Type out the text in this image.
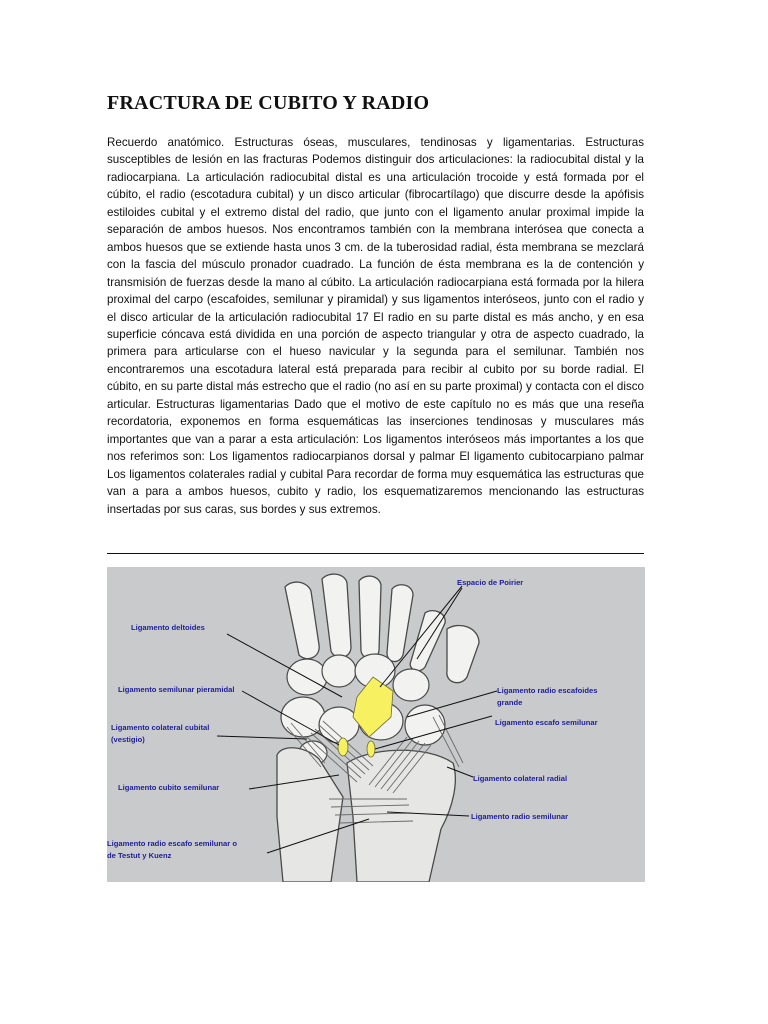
FRACTURA DE CUBITO Y RADIO

Recuerdo anatómico. Estructuras óseas, musculares, tendinosas y ligamentarias. Estructuras susceptibles de lesión en las fracturas Podemos distinguir dos articulaciones: la radiocubital distal y la radiocarpiana. La articulación radiocubital distal es una articulación trocoide y está formada por el cúbito, el radio (escotadura cubital) y un disco articular (fibrocartílago) que discurre desde la apófisis estiloides cubital y el extremo distal del radio, que junto con el ligamento anular proximal impide la separación de ambos huesos. Nos encontramos también con la membrana interósea que conecta a ambos huesos que se extiende hasta unos 3 cm. de la tuberosidad radial, ésta membrana se mezclará con la fascia del músculo pronador cuadrado. La función de ésta membrana es la de contención y transmisión de fuerzas desde la mano al cúbito. La articulación radiocarpiana está formada por la hilera proximal del carpo (escafoides, semilunar y piramidal) y sus ligamentos interóseos, junto con el radio y el disco articular de la articulación radiocubital 17 El radio en su parte distal es más ancho, y en esa superficie cóncava está dividida en una porción de aspecto triangular y otra de aspecto cuadrado, la primera para articularse con el hueso navicular y la segunda para el semilunar. También nos encontraremos una escotadura lateral está preparada para recibir al cubito por su borde radial. El cúbito, en su parte distal más estrecho que el radio (no así en su parte proximal) y contacta con el disco articular. Estructuras ligamentarias Dado que el motivo de este capítulo no es más que una reseña recordatoria, exponemos en forma esquemáticas las inserciones tendinosas y musculares más importantes que van a parar a esta articulación: Los ligamentos interóseos más importantes a los que nos referimos son: Los ligamentos radiocarpianos dorsal y palmar El ligamento cubitocarpiano palmar Los ligamentos colaterales radial y cubital Para recordar de forma muy esquemática las estructuras que van a para a ambos huesos, cubito y radio, los esquematizaremos mencionando las estructuras insertadas por sus caras, sus bordes y sus extremos.

Espacio de Poirier
Ligamento deltoides
Ligamento semilunar pieramidal
Ligamento colateral cubital
(vestigio)
Ligamento cubito semilunar
Ligamento radio escafo semilunar o
de Testut y Kuenz
Ligamento radio escafoides
grande
Ligamento escafo semilunar
Ligamento colateral radial
Ligamento radio semilunar
